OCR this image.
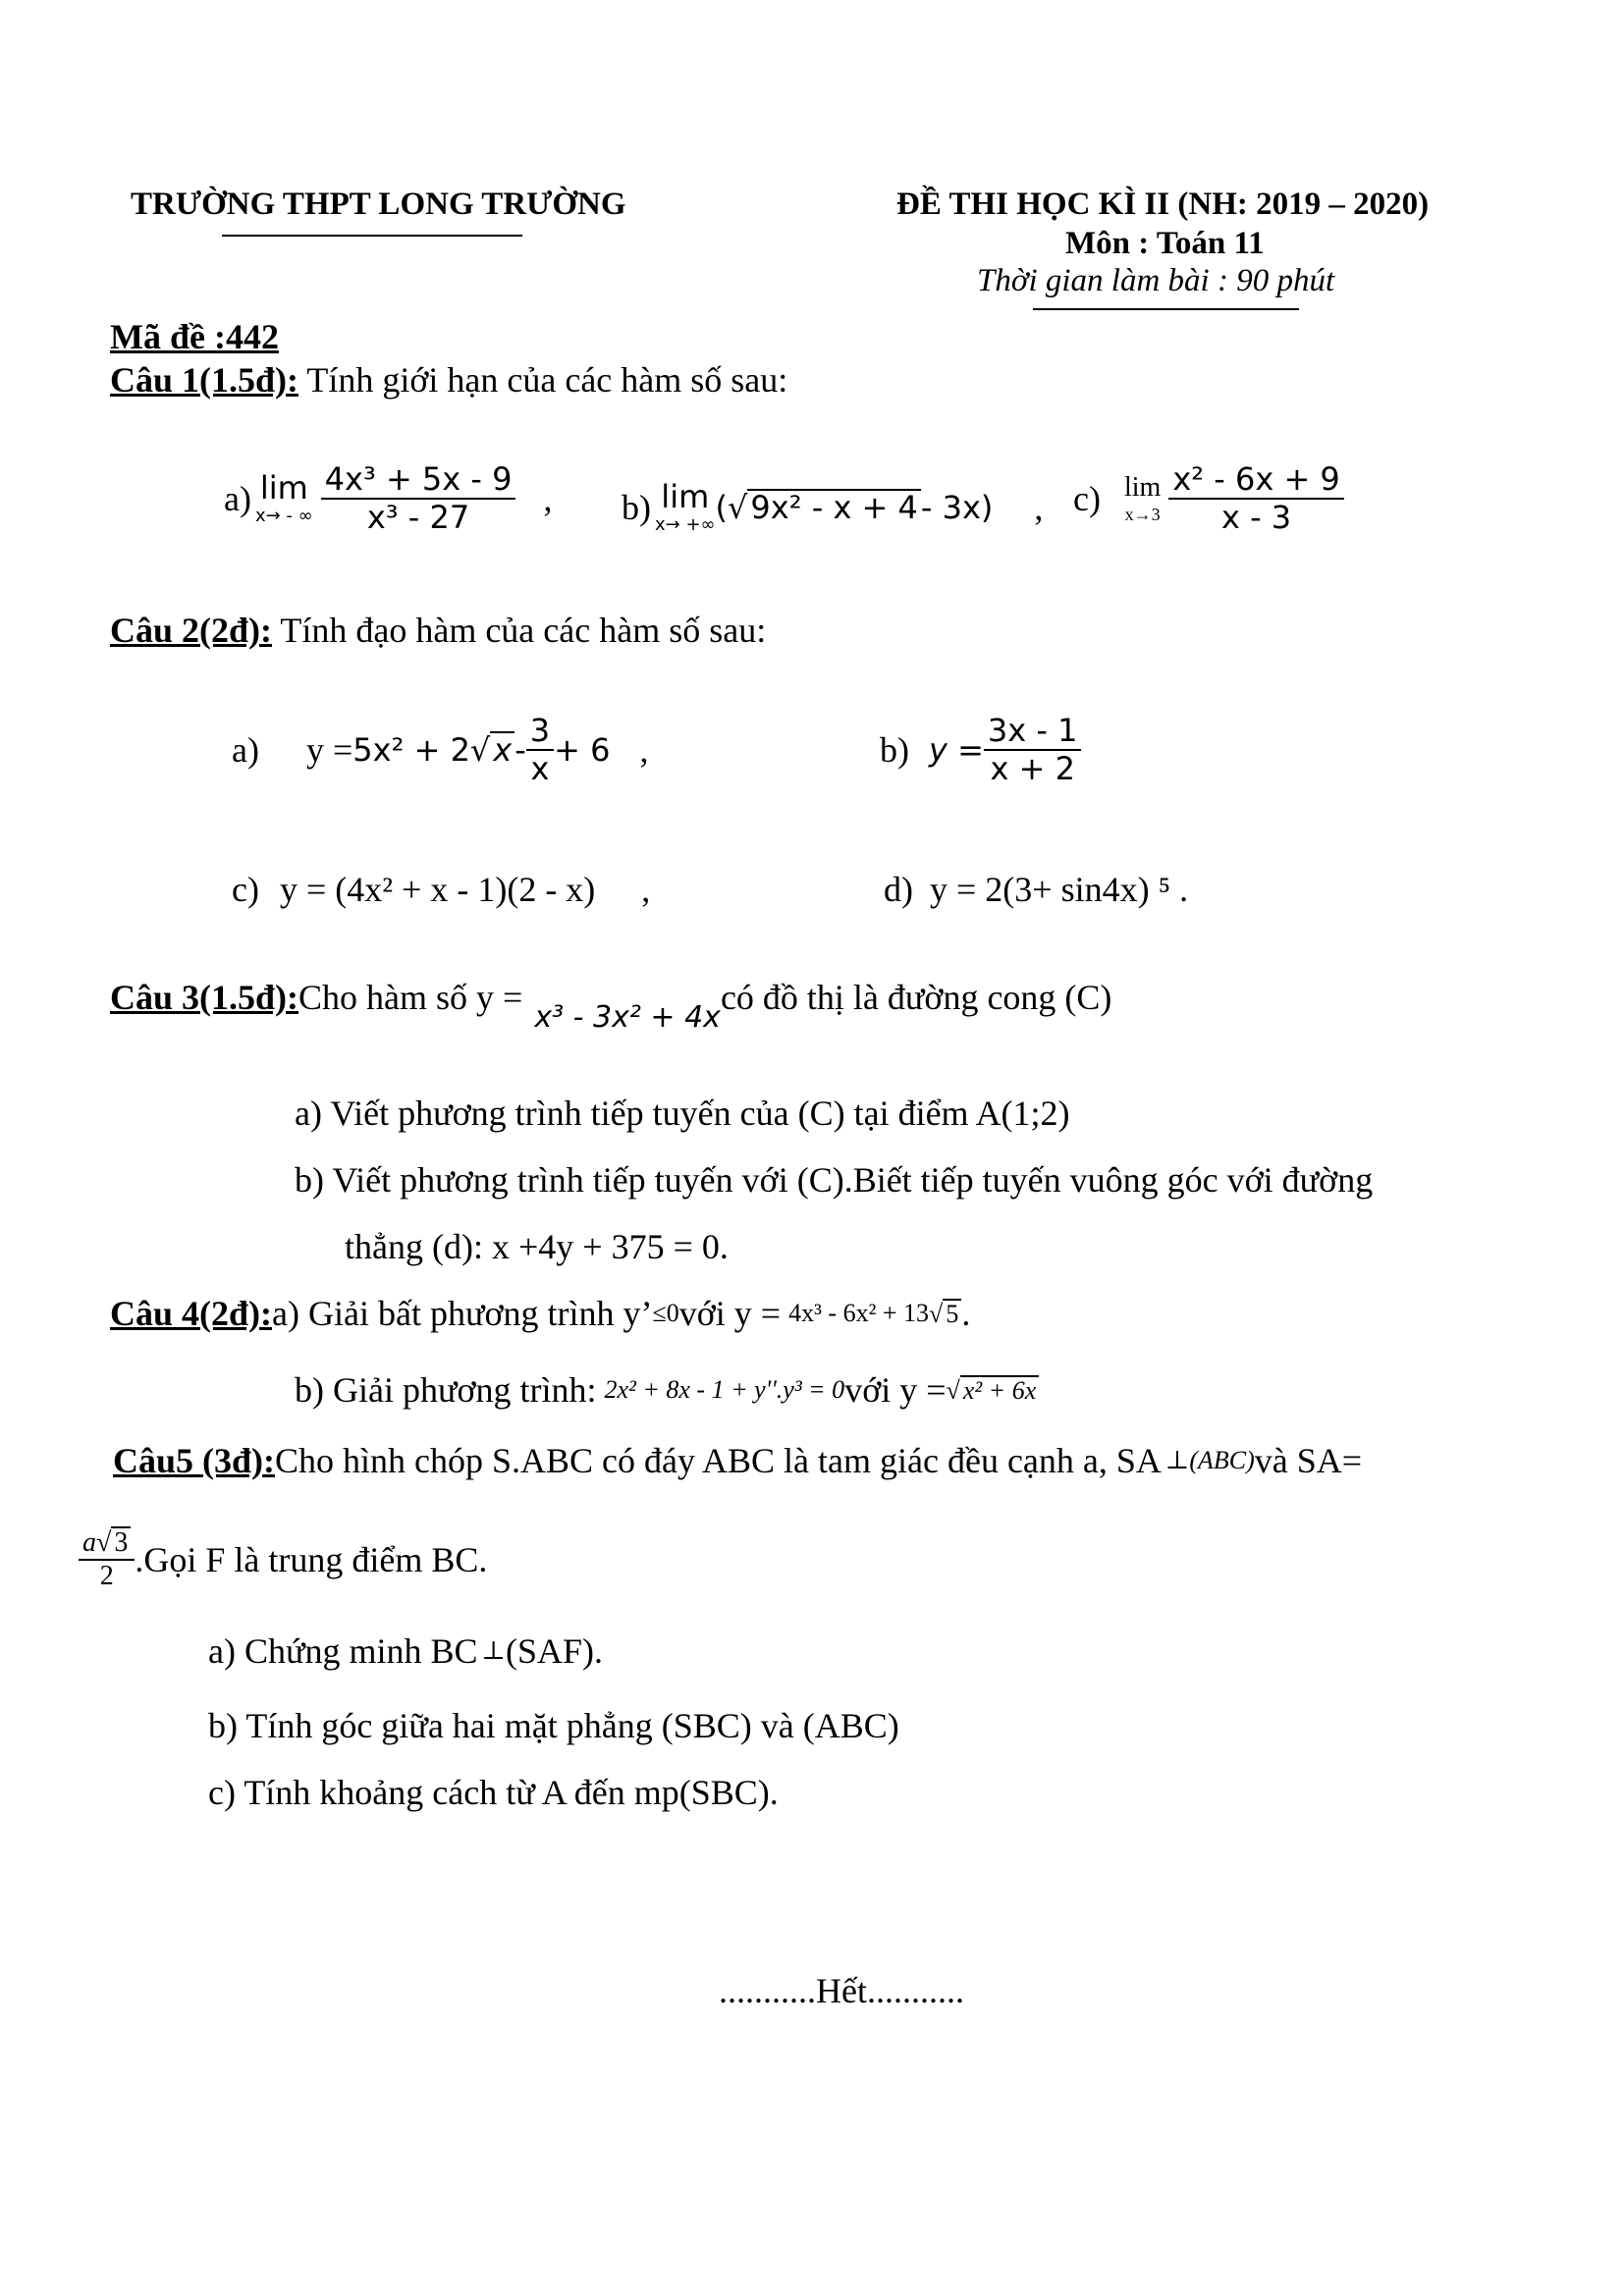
TRƯỜNG THPT LONG TRƯỜNG	ĐỀ THI HỌC KÌ II (NH: 2019 – 2020)
Môn : Toán 11
Thời gian làm bài : 90 phút
Mã đề :442
Câu 1(1.5đ): Tính giới hạn của các hàm số sau:
a) lim
x→ - ∞ $\frac{\text{4x³ + 5x - 9}}{\text{x³ - 27}}$ , b) lim
x→ +∞ ( √9x² - x + 4 - 3x) , c) lim
$x\to 3 \frac{\text{x² - 6x + 9}}{x - 3}$
Câu 2(2đ): Tính đạo hàm của các hàm số sau:
a) y = 5x² + 2 $√x - \frac{3}{x} + 6$ ,	b) $y = \frac{3x - 1}{x + 2}$
c) y = (4x² + x - 1)(2 - x) ,	d) y = 2(3+ sin4x) ⁵ .
Câu 3(1.5đ): Cho hàm số y =
x³ - 3x² + 4x
có đồ thị là đường cong (C)
a) Viết phương trình tiếp tuyến của (C) tại điểm A(1;2)
b) Viết phương trình tiếp tuyến với (C).Biết tiếp tuyến vuông góc với đường
thẳng (d): x +4y + 375 = 0.
Câu 4(2đ): a) Giải bất phương trình y’ ≤0 với y = 4x³ - 6x² + 13 √ 5 .
b) Giải phương trình: 2x² + 8x - 1 + y''.y³ = 0 với y = √ x² + 6x
Câu5 (3đ): Cho hình chóp S.ABC có đáy ABC là tam giác đều cạnh a, SA ⊥ (ABC) và SA=
$\frac{a√ 3}{2}$ .Gọi F là trung điểm BC.
a) Chứng minh BC ⊥ (SAF).
b) Tính góc giữa hai mặt phẳng (SBC) và (ABC)
c) Tính khoảng cách từ A đến mp(SBC).
...........Hết...........
